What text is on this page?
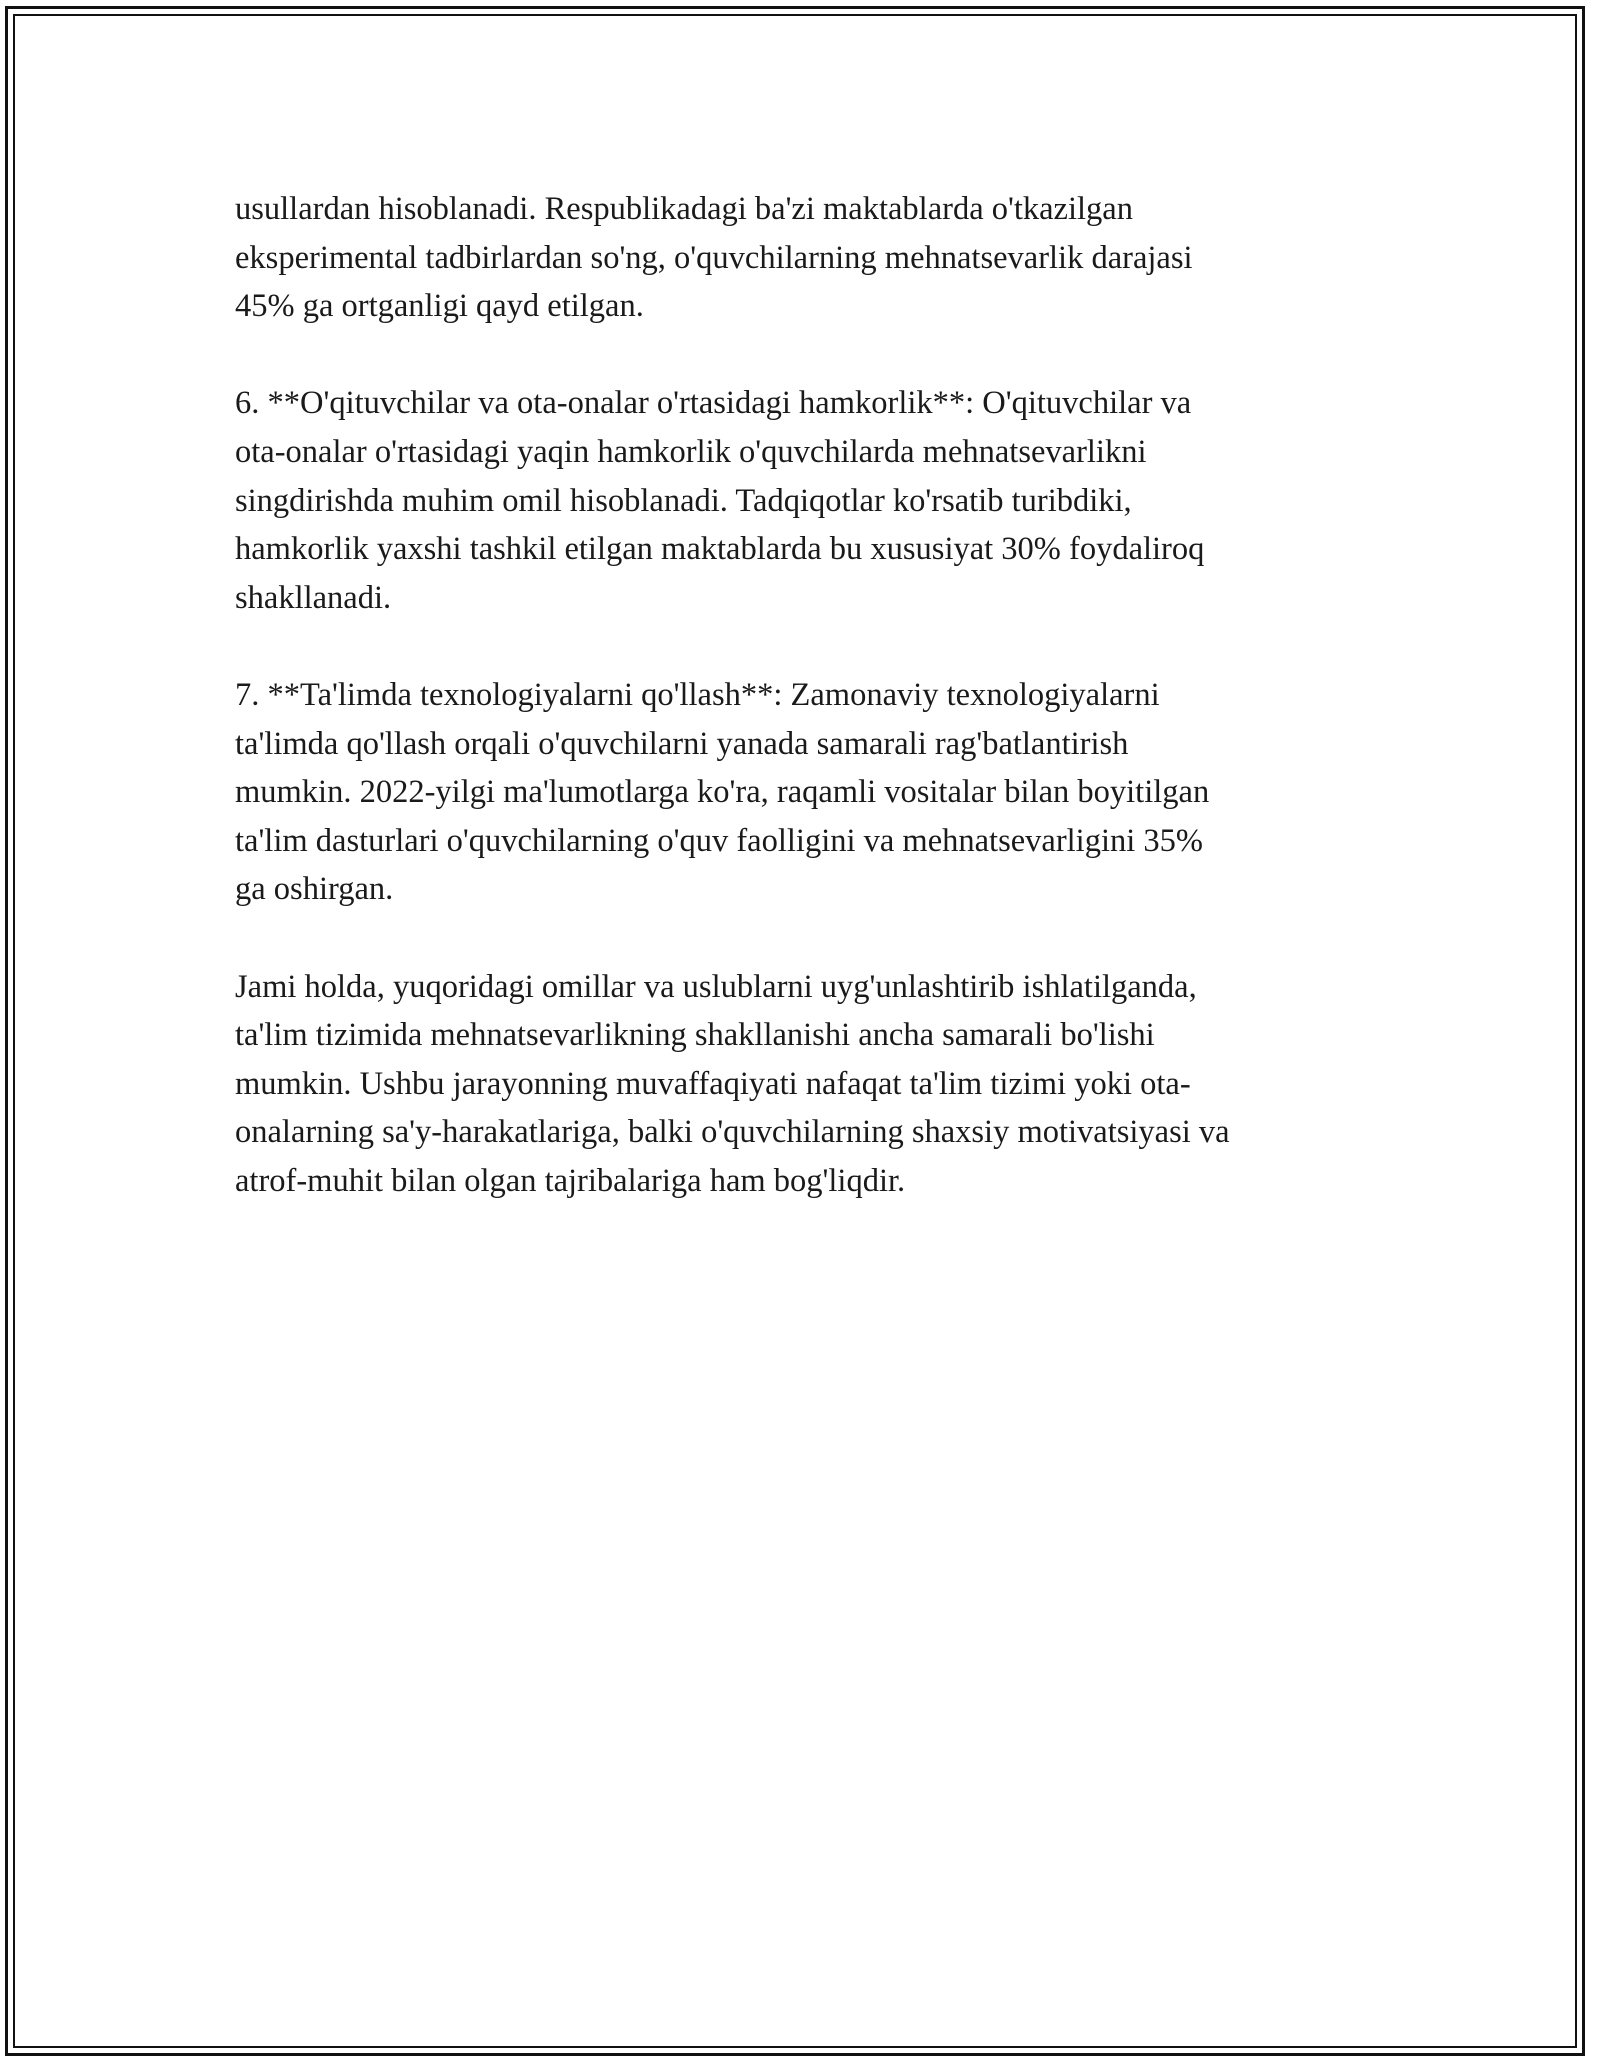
usullardan hisoblanadi. Respublikadagi ba'zi maktablarda o'tkazilgan
eksperimental tadbirlardan so'ng, o'quvchilarning mehnatsevarlik darajasi
45% ga ortganligi qayd etilgan.

6. **O'qituvchilar va ota-onalar o'rtasidagi hamkorlik**: O'qituvchilar va
ota-onalar o'rtasidagi yaqin hamkorlik o'quvchilarda mehnatsevarlikni
singdirishda muhim omil hisoblanadi. Tadqiqotlar ko'rsatib turibdiki,
hamkorlik yaxshi tashkil etilgan maktablarda bu xususiyat 30% foydaliroq
shakllanadi.

7. **Ta'limda texnologiyalarni qo'llash**: Zamonaviy texnologiyalarni
ta'limda qo'llash orqali o'quvchilarni yanada samarali rag'batlantirish
mumkin. 2022-yilgi ma'lumotlarga ko'ra, raqamli vositalar bilan boyitilgan
ta'lim dasturlari o'quvchilarning o'quv faolligini va mehnatsevarligini 35%
ga oshirgan.

Jami holda, yuqoridagi omillar va uslublarni uyg'unlashtirib ishlatilganda,
ta'lim tizimida mehnatsevarlikning shakllanishi ancha samarali bo'lishi
mumkin. Ushbu jarayonning muvaffaqiyati nafaqat ta'lim tizimi yoki ota-
onalarning sa'y-harakatlariga, balki o'quvchilarning shaxsiy motivatsiyasi va
atrof-muhit bilan olgan tajribalariga ham bog'liqdir.
